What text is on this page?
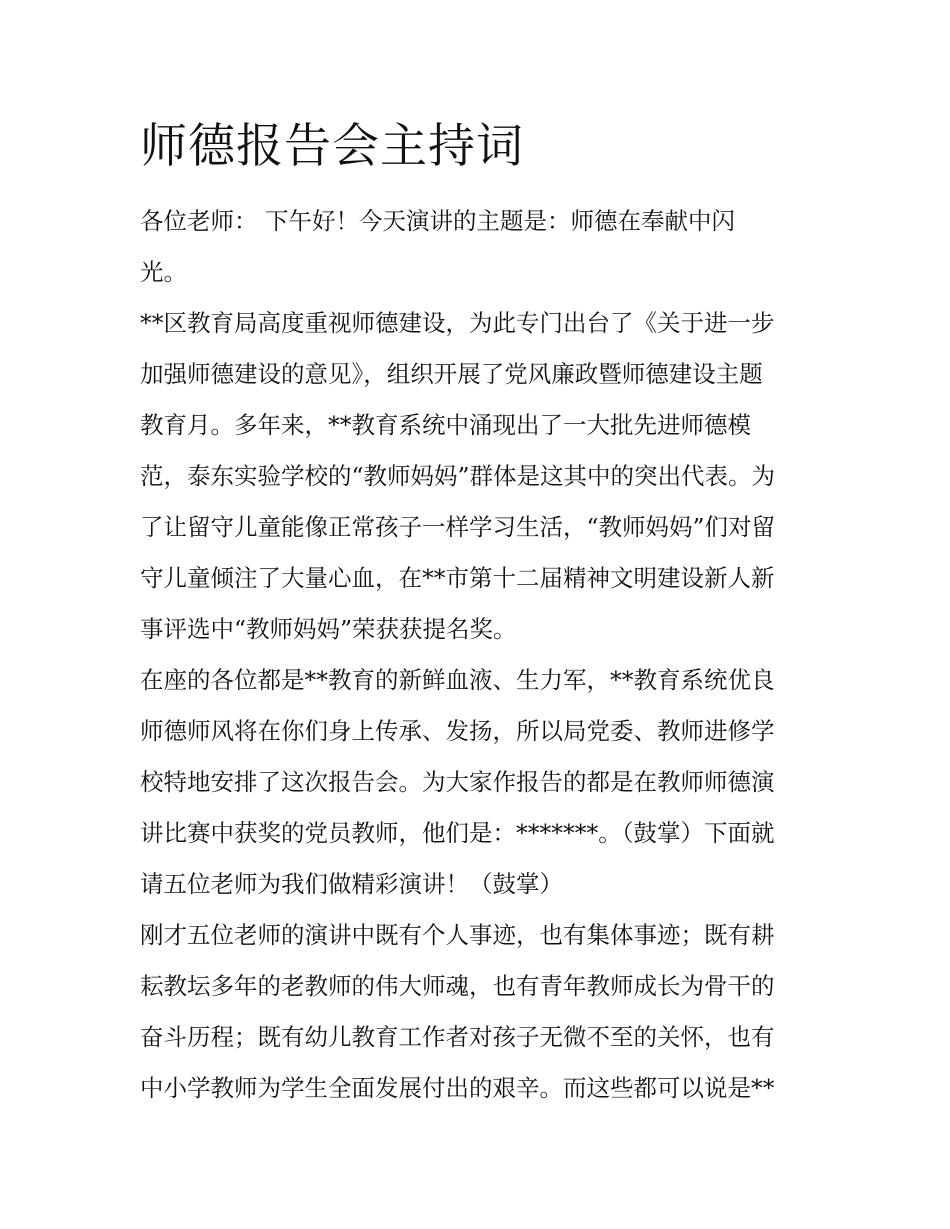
师德报告会主持词

各位老师： 下午好！今天演讲的主题是：师德在奉献中闪
光。

**区教育局高度重视师德建设，为此专门出台了《关于进一步
加强师德建设的意见》，组织开展了党风廉政暨师德建设主题
教育月。多年来，**教育系统中涌现出了一大批先进师德模
范，泰东实验学校的“教师妈妈”群体是这其中的突出代表。为
了让留守儿童能像正常孩子一样学习生活，“教师妈妈”们对留
守儿童倾注了大量心血，在**市第十二届精神文明建设新人新
事评选中“教师妈妈”荣获获提名奖。

在座的各位都是**教育的新鲜血液、生力军，**教育系统优良
师德师风将在你们身上传承、发扬，所以局党委、教师进修学
校特地安排了这次报告会。为大家作报告的都是在教师师德演
讲比赛中获奖的党员教师，他们是：*******。（鼓掌）下面就
请五位老师为我们做精彩演讲！（鼓掌）

刚才五位老师的演讲中既有个人事迹，也有集体事迹；既有耕
耘教坛多年的老教师的伟大师魂，也有青年教师成长为骨干的
奋斗历程；既有幼儿教育工作者对孩子无微不至的关怀，也有
中小学教师为学生全面发展付出的艰辛。而这些都可以说是**
